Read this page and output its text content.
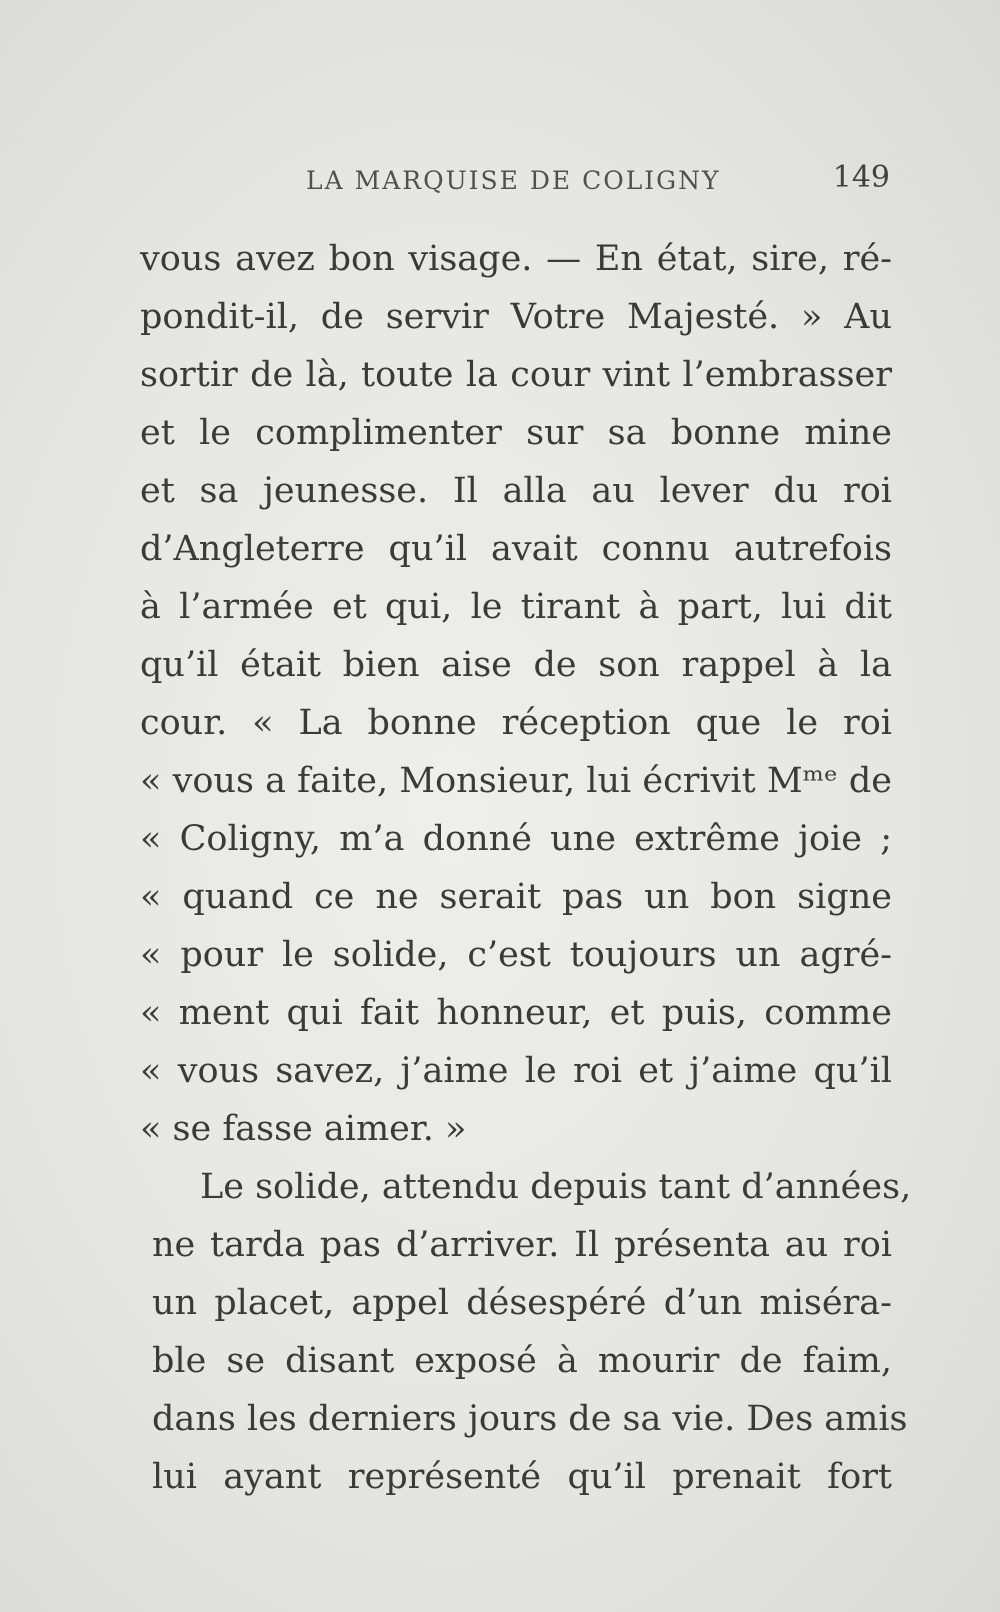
LA MARQUISE DE COLIGNY	149
vous avez bon visage. — En état, sire, ré-
pondit-il, de servir Votre Majesté. » Au
sortir de là, toute la cour vint l’embrasser
et le complimenter sur sa bonne mine
et sa jeunesse. Il alla au lever du roi
d’Angleterre qu’il avait connu autrefois
à l’armée et qui, le tirant à part, lui dit
qu’il était bien aise de son rappel à la
cour. « La bonne réception que le roi
« vous a faite, Monsieur, lui écrivit Mᵐᵉ de
« Coligny, m’a donné une extrême joie ;
« quand ce ne serait pas un bon signe
« pour le solide, c’est toujours un agré-
« ment qui fait honneur, et puis, comme
« vous savez, j’aime le roi et j’aime qu’il
« se fasse aimer. »
Le solide, attendu depuis tant d’années,
ne tarda pas d’arriver. Il présenta au roi
un placet, appel désespéré d’un miséra-
ble se disant exposé à mourir de faim,
dans les derniers jours de sa vie. Des amis
lui ayant représenté qu’il prenait fort
